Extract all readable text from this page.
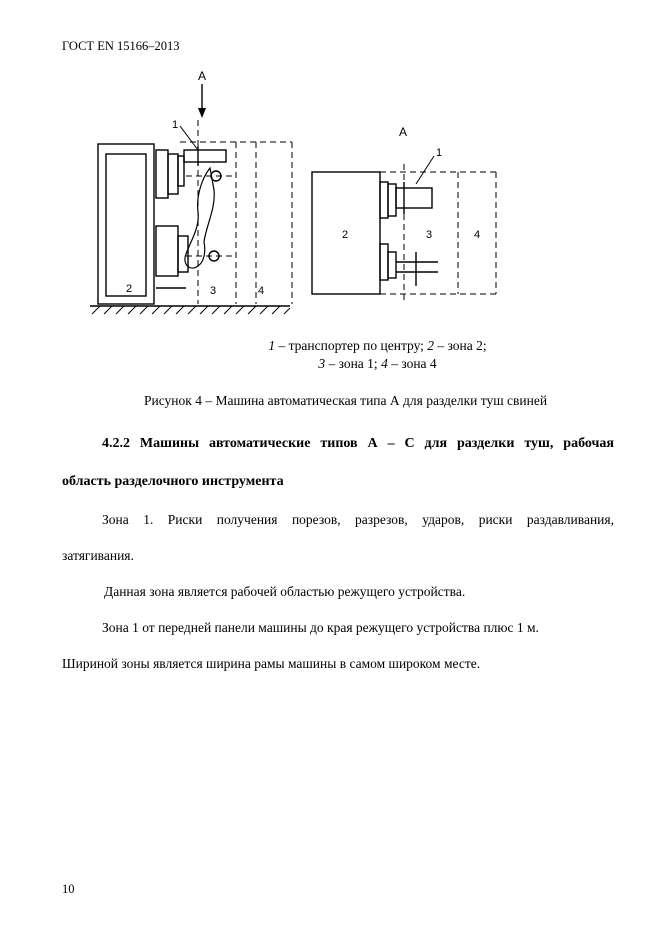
ГОСТ EN 15166–2013
A
1
2	3	4
A
1
2	3	4
1 – транспортер по центру; 2 – зона 2;
3 – зона 1; 4 – зона 4
Рисунок 4 – Машина автоматическая типа А для разделки туш свиней
4.2.2 Машины автоматические типов А – С для разделки туш, рабочая
область разделочного инструмента
Зона 1. Риски получения порезов, разрезов, ударов, риски раздавливания,
затягивания.
Данная зона является рабочей областью режущего устройства.
Зона 1 от передней панели машины до края режущего устройства плюс 1 м.
Шириной зоны является ширина рамы машины в самом широком месте.
10
